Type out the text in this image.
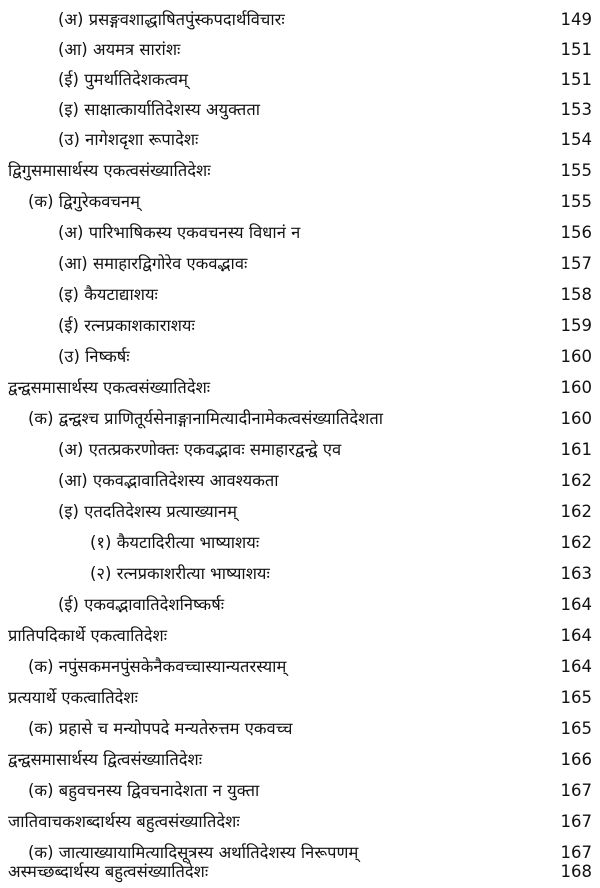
(अ) प्रसङ्गवशाद्धाषितपुंस्कपदार्थविचारः	149
(आ) अयमत्र सारांशः	151
(ई) पुमर्थातिदेशकत्वम्	151
(इ) साक्षात्कार्यातिदेशस्य अयुक्तता	153
(उ) नागेशदृशा रूपादेशः	154
द्विगुसमासार्थस्य एकत्वसंख्यातिदेशः	155
(क) द्विगुरेकवचनम्	155
(अ) पारिभाषिकस्य एकवचनस्य विधानं न	156
(आ) समाहारद्विगोरेव एकवद्भावः	157
(इ) कैयटाद्याशयः	158
(ई) रत्नप्रकाशकाराशयः	159
(उ) निष्कर्षः	160
द्वन्द्वसमासार्थस्य एकत्वसंख्यातिदेशः	160
(क) द्वन्द्वश्च प्राणितूर्यसेनाङ्गानामित्यादीनामेकत्वसंख्यातिदेशता	160
(अ) एतत्प्रकरणोक्तः एकवद्भावः समाहारद्वन्द्वे एव	161
(आ) एकवद्भावातिदेशस्य आवश्यकता	162
(इ) एतदतिदेशस्य प्रत्याख्यानम्	162
(१) कैयटादिरीत्या भाष्याशयः	162
(२) रत्नप्रकाशरीत्या भाष्याशयः	163
(ई) एकवद्भावातिदेशनिष्कर्षः	164
प्रातिपदिकार्थे एकत्वातिदेशः	164
(क) नपुंसकमनपुंसकेनैकवच्चास्यान्यतरस्याम्	164
प्रत्ययार्थे एकत्वातिदेशः	165
(क) प्रहासे च मन्योपपदे मन्यतेरुत्तम एकवच्च	165
द्वन्द्वसमासार्थस्य द्वित्वसंख्यातिदेशः	166
(क) बहुवचनस्य द्विवचनादेशता न युक्ता	167
जातिवाचकशब्दार्थस्य बहुत्वसंख्यातिदेशः	167
(क) जात्याख्यायामित्यादिसूत्रस्य अर्थातिदेशस्य निरूपणम्	167
अस्मच्छब्दार्थस्य बहुत्वसंख्यातिदेशः	168
